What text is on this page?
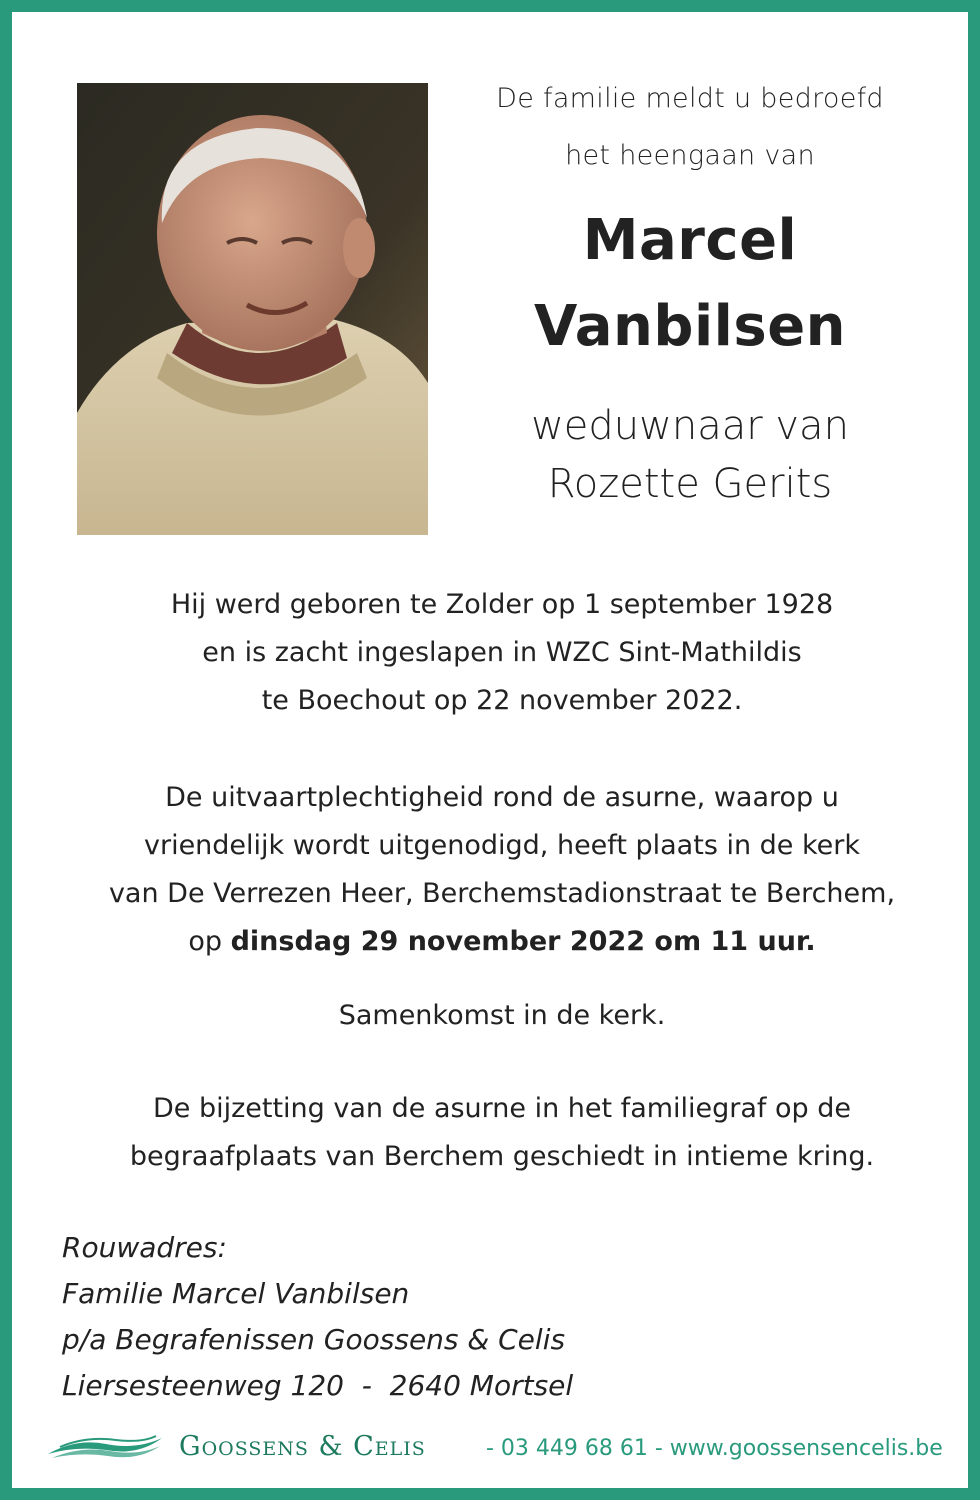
De familie meldt u bedroefd
het heengaan van
Marcel
Vanbilsen
weduwnaar van
Rozette Gerits
Hij werd geboren te Zolder op 1 september 1928
en is zacht ingeslapen in WZC Sint-Mathildis
te Boechout op 22 november 2022.
De uitvaartplechtigheid rond de asurne, waarop u
vriendelijk wordt uitgenodigd, heeft plaats in de kerk
van De Verrezen Heer, Berchemstadionstraat te Berchem,
op dinsdag 29 november 2022 om 11 uur.
Samenkomst in de kerk.
De bijzetting van de asurne in het familiegraf op de
begraafplaats van Berchem geschiedt in intieme kring.
Rouwadres:
Familie Marcel Vanbilsen
p/a Begrafenissen Goossens & Celis
Liersesteenweg 120  -  2640 Mortsel
Goossens & Celis	- 03 449 68 61 - www.goossensencelis.be
